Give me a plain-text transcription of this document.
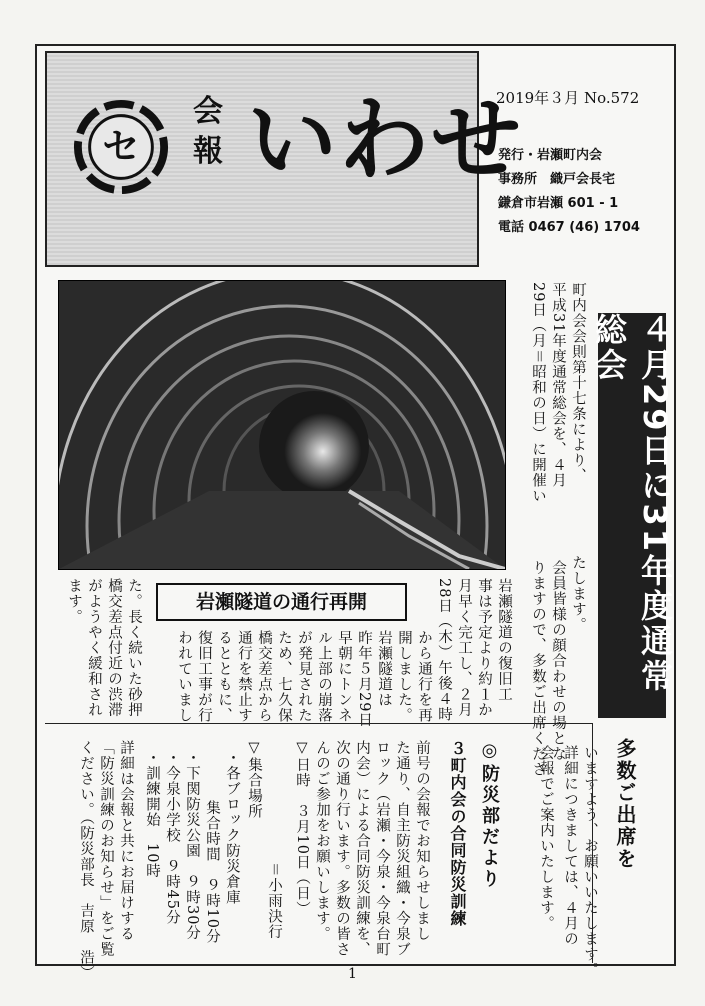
セ
会
報 いわせ
2019年３月 No.572
発行・岩瀬町内会
事務所　織戸会長宅
鎌倉市岩瀬 601 - 1
電話 0467 (46) 1704
岩瀬隧道の通行再開	４月29日に31年度通常総会
町内会会則第十七条により、
平成31年度通常総会を、４月
29日（月＝昭和の日）に開催い
たします。
会員皆様の顔合わせの場とな
りますので、多数ご出席くださ
多数ご出席を
いますよう、お願いいたします。
詳細につきましては、４月の
会報でご案内いたします。
岩瀬隧道の復旧工
事は予定より約１か
月早く完工し、２月
28日（木）午後４時
から通行を再
開しました。
岩瀬隧道は
昨年５月29日
早朝にトンネ
ル上部の崩落
が発見された
ため、七久保
橋交差点から
通行を禁止す
るとともに、
復旧工事が行
われていまし
た。長く続いた砂押
橋交差点付近の渋滞
がようやく緩和され
ます。
◎防災部だより
３町内会の合同防災訓練
前号の会報でお知らせしまし
た通り、自主防災組織・今泉ブ
ロック（岩瀬・今泉・今泉台町
内会）による合同防災訓練を、
次の通り行います。多数の皆さ
んのご参加をお願いします。
▽日時　３月10日（日）
＝小雨決行
▽集合場所
・各ブロック防災倉庫
集合時間　９時10分
・下関防災公園　９時30分
・今泉小学校　９時45分
・訓練開始　10時
詳細は会報と共にお届けする
「防災訓練のお知らせ」をご覧
ください。（防災部長　吉原　浩）	1
